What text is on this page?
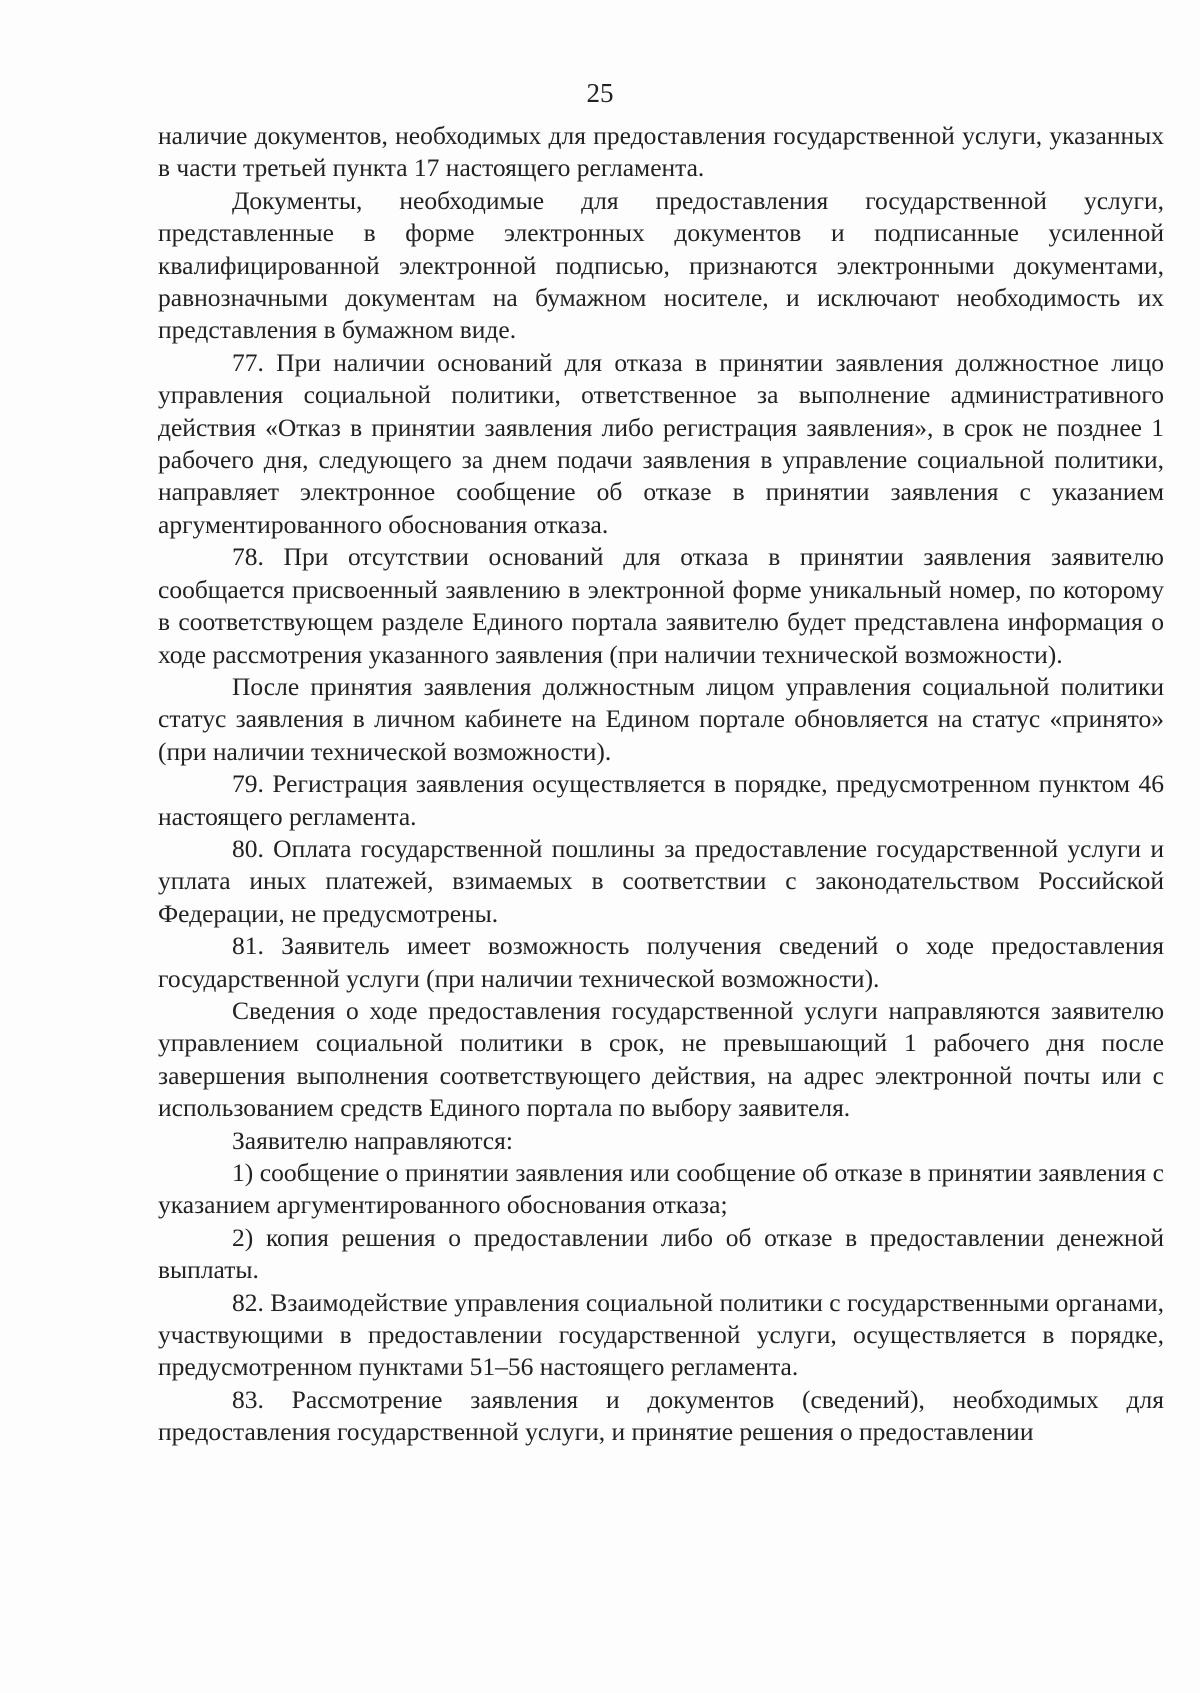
25

наличие документов, необходимых для предоставления государственной услуги, указанных в части третьей пункта 17 настоящего регламента.

Документы, необходимые для предоставления государственной услуги, представленные в форме электронных документов и подписанные усиленной квалифицированной электронной подписью, признаются электронными документами, равнозначными документам на бумажном носителе, и исключают необходимость их представления в бумажном виде.

77. При наличии оснований для отказа в принятии заявления должностное лицо управления социальной политики, ответственное за выполнение административного действия «Отказ в принятии заявления либо регистрация заявления», в срок не позднее 1 рабочего дня, следующего за днем подачи заявления в управление социальной политики, направляет электронное сообщение об отказе в принятии заявления с указанием аргументированного обоснования отказа.

78. При отсутствии оснований для отказа в принятии заявления заявителю сообщается присвоенный заявлению в электронной форме уникальный номер, по которому в соответствующем разделе Единого портала заявителю будет представлена информация о ходе рассмотрения указанного заявления (при наличии технической возможности).

После принятия заявления должностным лицом управления социальной политики статус заявления в личном кабинете на Едином портале обновляется на статус «принято» (при наличии технической возможности).

79. Регистрация заявления осуществляется в порядке, предусмотренном пунктом 46 настоящего регламента.

80. Оплата государственной пошлины за предоставление государственной услуги и уплата иных платежей, взимаемых в соответствии с законодательством Российской Федерации, не предусмотрены.

81. Заявитель имеет возможность получения сведений о ходе предоставления государственной услуги (при наличии технической возможности).

Сведения о ходе предоставления государственной услуги направляются заявителю управлением социальной политики в срок, не превышающий 1 рабочего дня после завершения выполнения соответствующего действия, на адрес электронной почты или с использованием средств Единого портала по выбору заявителя.

Заявителю направляются:

1) сообщение о принятии заявления или сообщение об отказе в принятии заявления с указанием аргументированного обоснования отказа;

2) копия решения о предоставлении либо об отказе в предоставлении денежной выплаты.

82. Взаимодействие управления социальной политики с государственными органами, участвующими в предоставлении государственной услуги, осуществляется в порядке, предусмотренном пунктами 51–56 настоящего регламента.

83. Рассмотрение заявления и документов (сведений), необходимых для предоставления государственной услуги, и принятие решения о предоставлении
